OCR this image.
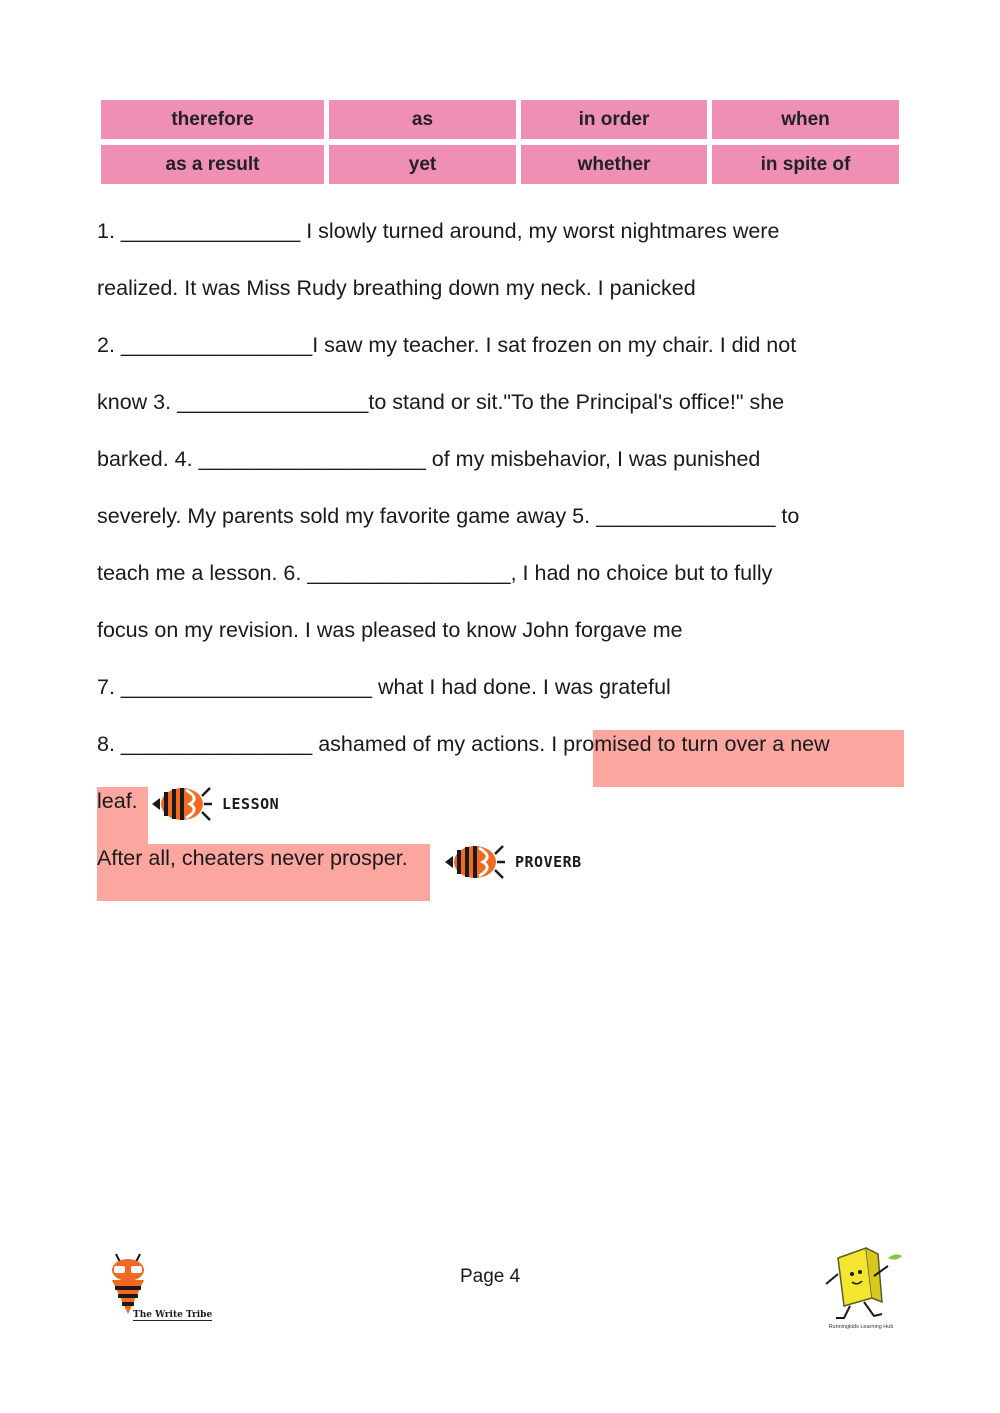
therefore	as	in order	when
as a result	yet	whether	in spite of
1. _______________ I slowly turned around, my worst nightmares were
realized. It was Miss Rudy breathing down my neck. I panicked
2. ________________I saw my teacher. I sat frozen on my chair. I did not
know 3. ________________to stand or sit."To the Principal's office!" she
barked. 4. ___________________ of my misbehavior, I was punished
severely. My parents sold my favorite game away 5. _______________ to
teach me a lesson. 6. _________________, I had no choice but to fully
focus on my revision. I was pleased to know John forgave me
7. _____________________ what I had done. I was grateful
8. ________________ ashamed of my actions. I promised to turn over a new
leaf.
After all, cheaters never prosper.
LESSON
PROVERB
The Write Tribe
Page 4
Runningkids Learning Hub
